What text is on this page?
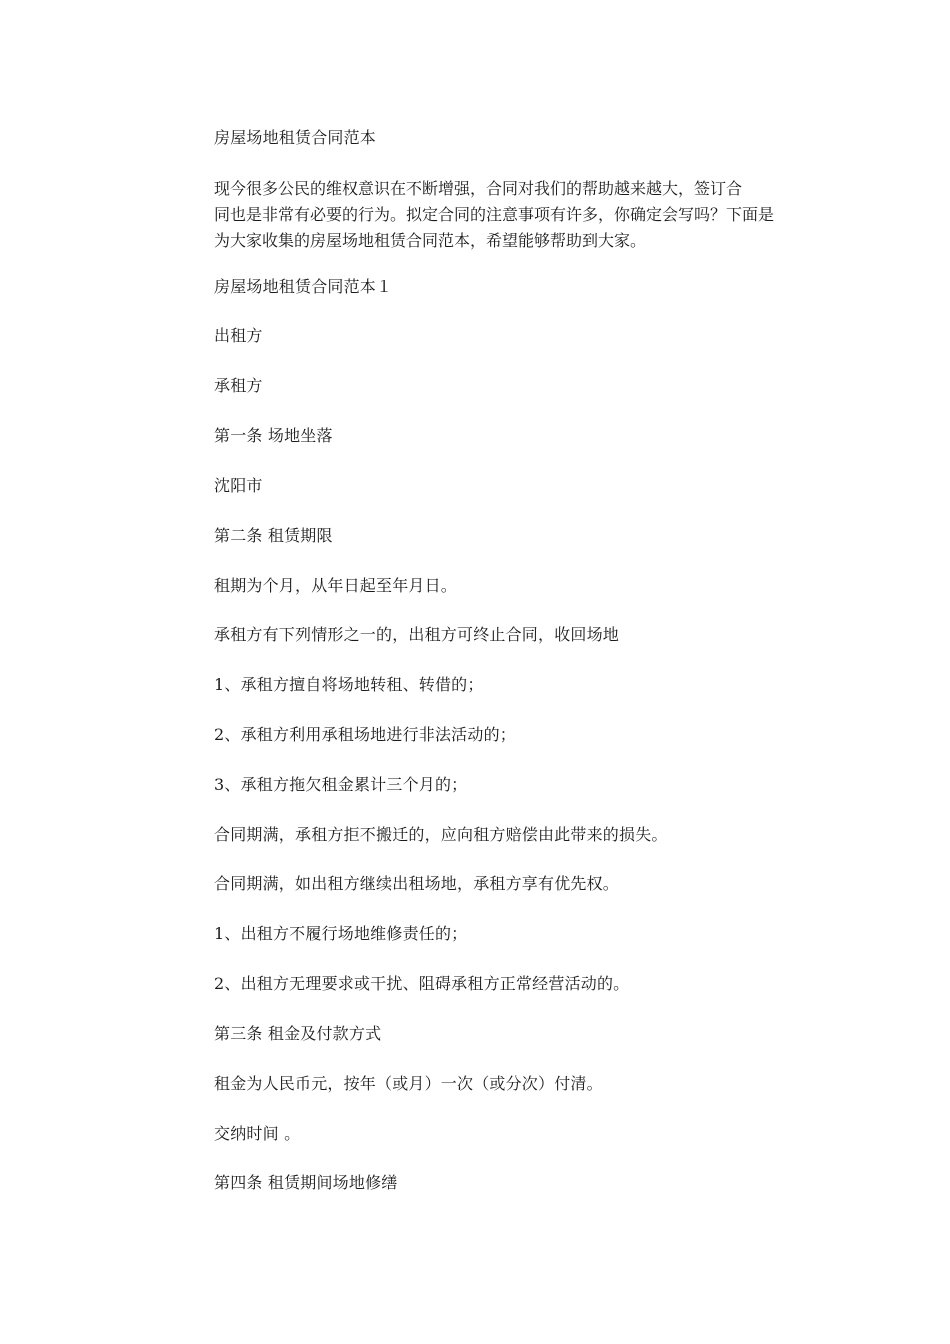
房屋场地租赁合同范本
现今很多公民的维权意识在不断增强，合同对我们的帮助越来越大，签订合
同也是非常有必要的行为。拟定合同的注意事项有许多，你确定会写吗？下面是
为大家收集的房屋场地租赁合同范本，希望能够帮助到大家。
房屋场地租赁合同范本１
出租方
承租方
第一条 场地坐落
沈阳市
第二条 租赁期限
租期为个月，从年日起至年月日。
承租方有下列情形之一的，出租方可终止合同，收回场地
1、承租方擅自将场地转租、转借的；
2、承租方利用承租场地进行非法活动的；
3、承租方拖欠租金累计三个月的；
合同期满，承租方拒不搬迁的，应向租方赔偿由此带来的损失。
合同期满，如出租方继续出租场地，承租方享有优先权。
1、出租方不履行场地维修责任的；
2、出租方无理要求或干扰、阻碍承租方正常经营活动的。
第三条 租金及付款方式
租金为人民币元，按年（或月）一次（或分次）付清。
交纳时间 。
第四条 租赁期间场地修缮
